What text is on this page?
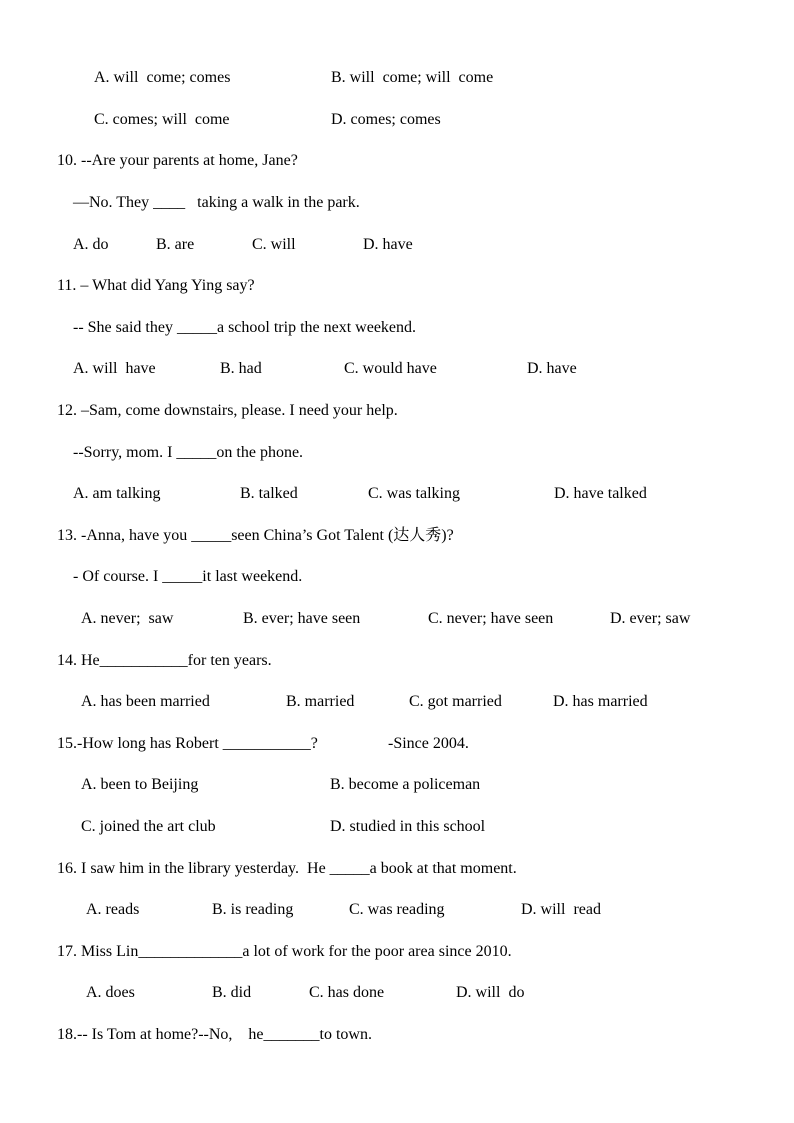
A. will  come; comes	B. will  come; will  come
C. comes; will  come	D. comes; comes
10. --Are your parents at home, Jane?
—No. They ____   taking a walk in the park.
A. do	B. are	C. will	D. have
11. – What did Yang Ying say?
-- She said they _____a school trip the next weekend.
A. will  have	B. had	C. would have	D. have
12. –Sam, come downstairs, please. I need your help.
--Sorry, mom. I _____on the phone.
A. am talking	B. talked	C. was talking	D. have talked
13. -Anna, have you _____seen China’s Got Talent (达人秀)?
- Of course. I _____it last weekend.
A. never;  saw	B. ever; have seen	C. never; have seen	D. ever; saw
14. He___________for ten years.
A. has been married	B. married	C. got married	D. has married
15.-How long has Robert ___________?	-Since 2004.
A. been to Beijing	B. become a policeman
C. joined the art club	D. studied in this school
16. I saw him in the library yesterday.  He _____a book at that moment.
A. reads	B. is reading	C. was reading	D. will  read
17. Miss Lin_____________a lot of work for the poor area since 2010.
A. does	B. did	C. has done	D. will  do
18.-- Is Tom at home?--No,    he_______to town.
